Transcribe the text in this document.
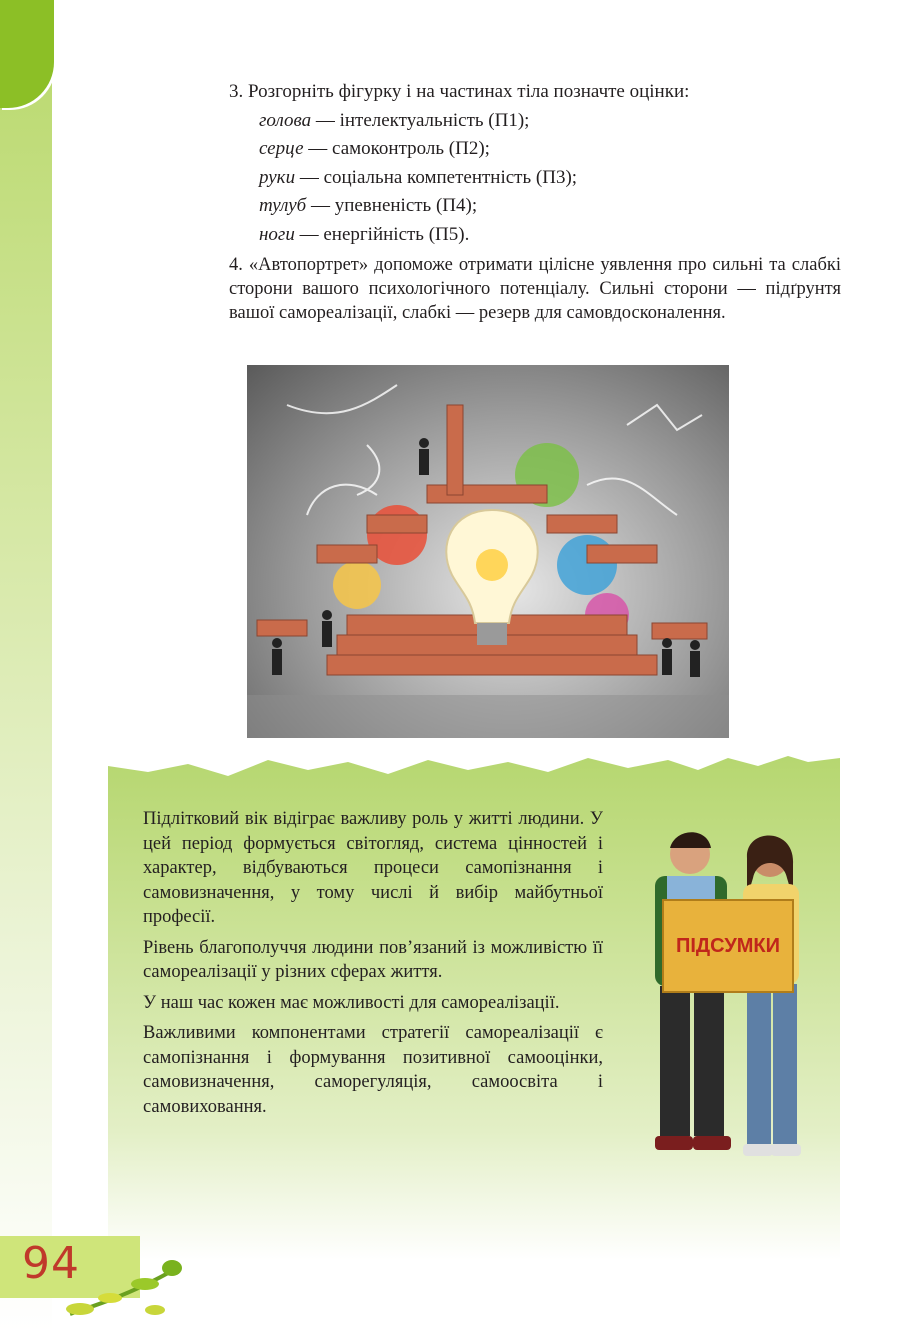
3. Розгорніть фігурку і на частинах тіла позначте оцінки:

голова — інтелектуальність (П1);
серце — самоконтроль (П2);
руки — соціальна компетентність (П3);
тулуб — упевненість (П4);
ноги — енергійність (П5).

4. «Автопортрет» допоможе отримати цілісне уявлення про сильні та слабкі сторони вашого психологічного потенціалу. Сильні сторони — підґрунтя вашої самореалізації, слабкі — резерв для самовдосконалення.

Підлітковий вік відіграє важливу роль у житті людини. У цей період формується світогляд, система цінностей і характер, відбуваються процеси самопізнання і самовизначення, у тому числі й вибір майбутньої професії.

Рівень благополуччя людини пов’язаний із можливістю її самореалізації у різних сферах життя.

У наш час кожен має можливості для самореалізації.

Важливими компонентами стратегії самореалізації є самопізнання і формування позитивної самооцінки, самовизначення, саморегуляція, самоосвіта і самовиховання.

ПІДСУМКИ
94
